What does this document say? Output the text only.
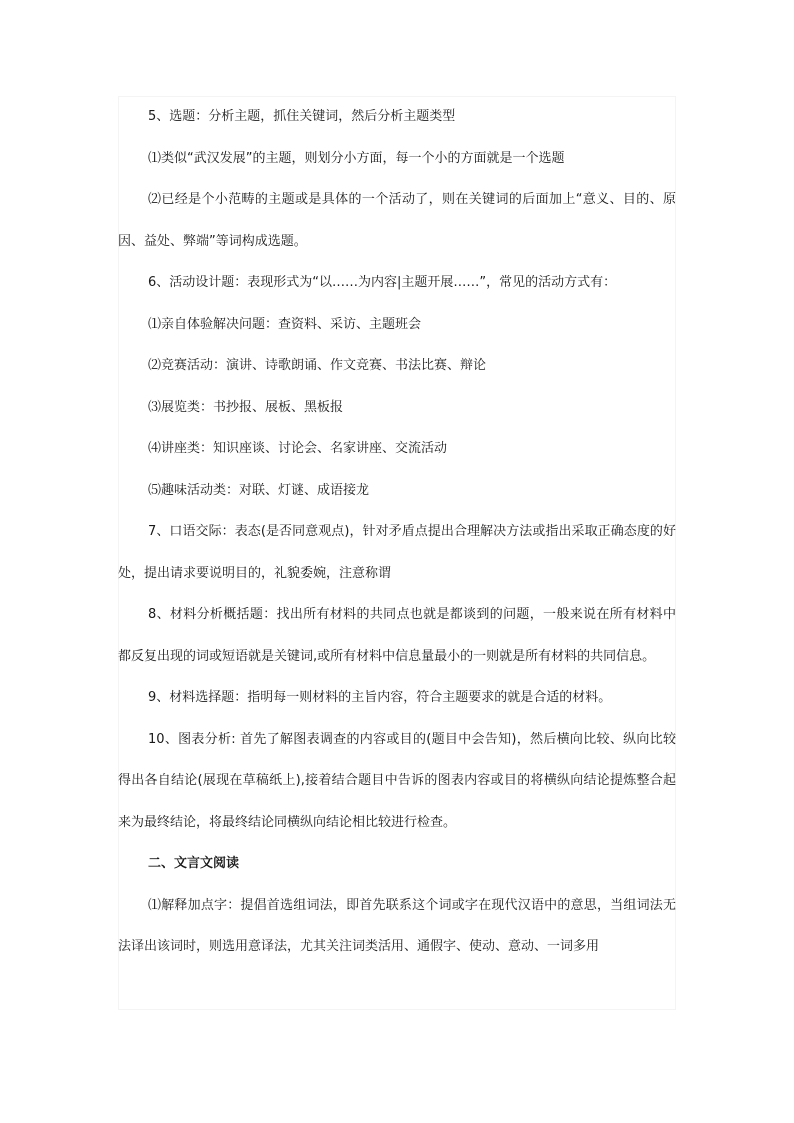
5、选题：分析主题，抓住关键词，然后分析主题类型

⑴类似“武汉发展”的主题，则划分小方面，每一个小的方面就是一个选题

⑵已经是个小范畴的主题或是具体的一个活动了，则在关键词的后面加上“意义、目的、原因、益处、弊端”等词构成选题。

6、活动设计题：表现形式为“以……为内容|主题开展……”，常见的活动方式有：

⑴亲自体验解决问题：查资料、采访、主题班会

⑵竞赛活动：演讲、诗歌朗诵、作文竞赛、书法比赛、辩论

⑶展览类：书抄报、展板、黑板报

⑷讲座类：知识座谈、讨论会、名家讲座、交流活动

⑸趣味活动类：对联、灯谜、成语接龙

7、口语交际：表态(是否同意观点)，针对矛盾点提出合理解决方法或指出采取正确态度的好处，提出请求要说明目的，礼貌委婉，注意称谓

8、材料分析概括题：找出所有材料的共同点也就是都谈到的问题，一般来说在所有材料中都反复出现的词或短语就是关键词,或所有材料中信息量最小的一则就是所有材料的共同信息。

9、材料选择题：指明每一则材料的主旨内容，符合主题要求的就是合适的材料。

10、图表分析: 首先了解图表调查的内容或目的(题目中会告知)，然后横向比较、纵向比较得出各自结论(展现在草稿纸上),接着结合题目中告诉的图表内容或目的将横纵向结论提炼整合起来为最终结论，将最终结论同横纵向结论相比较进行检查。

二、文言文阅读

⑴解释加点字：提倡首选组词法，即首先联系这个词或字在现代汉语中的意思，当组词法无法译出该词时，则选用意译法，尤其关注词类活用、通假字、使动、意动、一词多用
